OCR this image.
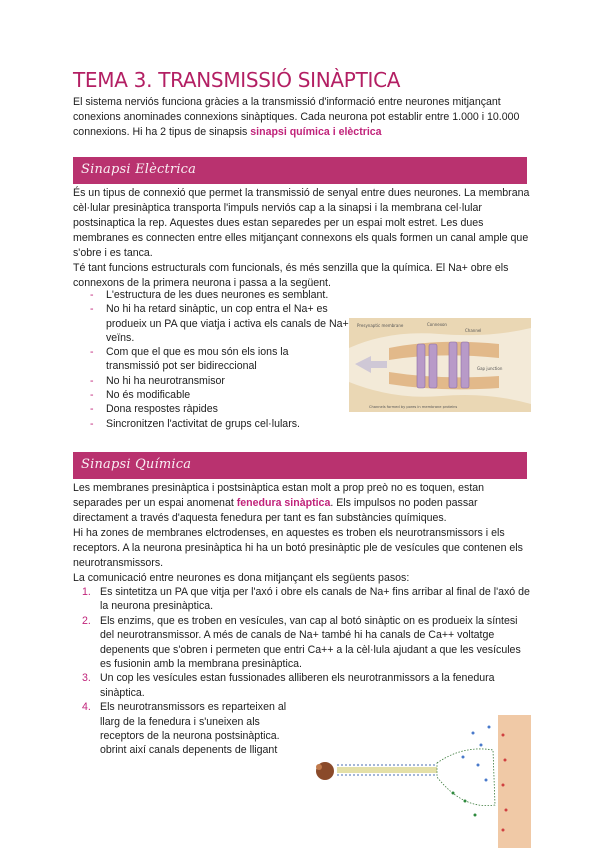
TEMA 3. TRANSMISSIÓ SINÀPTICA

El sistema nerviós funciona gràcies a la transmissió d'informació entre neurones mitjançant conexions anominades connexions sinàptiques. Cada neurona pot establir entre 1.000 i 10.000 connexions. Hi ha 2 tipus de sinapsis sinapsi química i elèctrica

Sinapsi Elèctrica

És un tipus de connexió que permet la transmissió de senyal entre dues neurones. La membrana cèl·lular presinàptica transporta l'impuls nerviós cap a la sinapsi i la membrana cel·lular postsinaptica la rep. Aquestes dues estan separedes per un espai molt estret. Les dues membranes es connecten entre elles mitjançant connexons els quals formen un canal ample que s'obre i es tanca.

Té tant funcions estructurals com funcionals, és més senzilla que la química. El Na+ obre els connexons de la primera neurona i passa a la següent.

- L'estructura de les dues neurones es semblant.
- No hi ha retard sinàptic, un cop entra el Na+ es produeix un PA que viatja i activa els canals de Na+ veïns.
- Com que el que es mou són els ions la transmissió pot ser bidireccional
- No hi ha neurotransmisor
- No és modificable
- Dona respostes ràpides
- Sincronitzen l'activitat de grups cel·lulars.
Presynaptic membrane	Connexon
Channel
Gap junction
Channels formed by pores in membrane proteins
Sinapsi Química

Les membranes presinàptica i postsinàptica estan molt a prop preò no es toquen, estan separades per un espai anomenat fenedura sinàptica. Els impulsos no poden passar directament a través d'aquesta fenedura per tant es fan substàncies químiques.

Hi ha zones de membranes elctrodenses, en aquestes es troben els neurotransmissors i els receptors. A la neurona presinàptica hi ha un botó presinàptic ple de vesícules que contenen els neurotransmissors.

La comunicació entre neurones es dona mitjançant els següents pasos:

1. Es sintetitza un PA que vitja per l'axó i obre els canals de Na+ fins arribar al final de l'axó de la neurona presinàptica.
2. Els enzims, que es troben en vesícules, van cap al botó sinàptic on es produeix la síntesi del neurotransmissor. A més de canals de Na+ també hi ha canals de Ca++ voltatge depenents que s'obren i permeten que entri Ca++ a la cèl·lula ajudant a que les vesícules es fusionin amb la membrana presinàptica.
3. Un cop les vesícules estan fussionades alliberen els neurotranmissors a la fenedura sinàptica.
4. Els neurotransmissors es reparteixen al llarg de la fenedura i s'uneixen als receptors de la neurona postsinàptica. obrint així canals depenents de lligant
